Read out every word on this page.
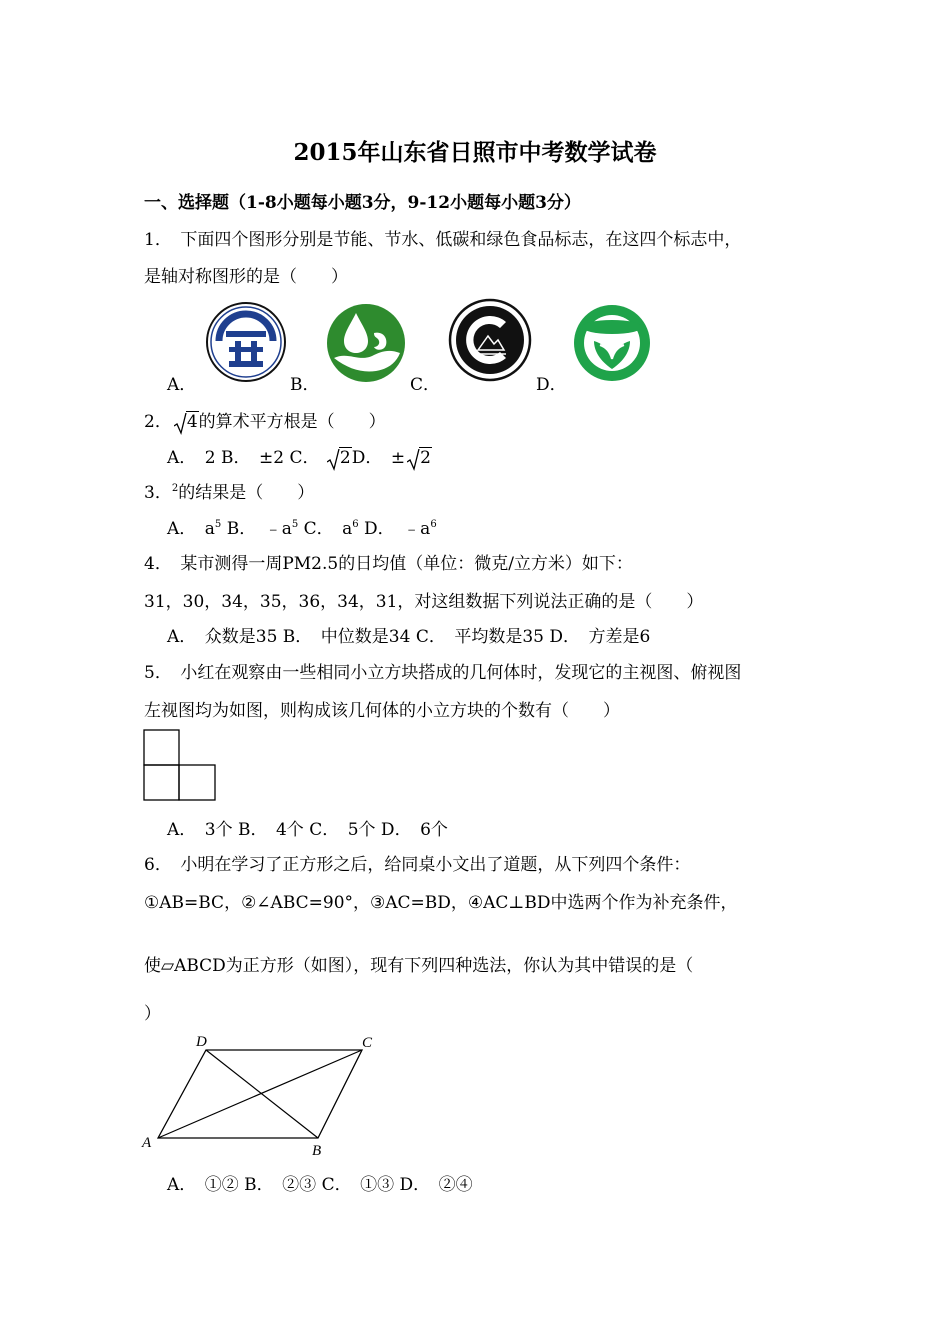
2015年山东省日照市中考数学试卷
一、选择题（1-8小题每小题3分，9-12小题每小题3分）
1．　下面四个图形分别是节能、节水、低碳和绿色食品标志，在这四个标志中，
是轴对称图形的是（　　）
A．	B．	C．	D．
2． 4的算术平方根是（　　）
A．　2 B．　±2 C． 2D．　± 2
3．$^2$的结果是（　　）
A．　$a^5$ B．　$﹣a^5$ C．　$a^6$ D．　$﹣a^6$
4．　某市测得一周PM2.5的日均值（单位：微克/立方米）如下：
31，30，34，35，36，34，31，对这组数据下列说法正确的是（　　）
A．　众数是35 B．　中位数是34 C．　平均数是35 D．　方差是6
5．　小红在观察由一些相同小立方块搭成的几何体时，发现它的主视图、俯视图
左视图均为如图，则构成该几何体的小立方块的个数有（　　）
A．　3个 B．　4个 C．　5个 D．　6个
6．　小明在学习了正方形之后，给同桌小文出了道题，从下列四个条件：
①AB=BC，②∠ABC=90°，③AC=BD，④AC⊥BD中选两个作为补充条件，
使▱ABCD为正方形（如图），现有下列四种选法，你认为其中错误的是（
）
A	B
C
D
A．　①② B．　②③ C．　①③ D．　②④
